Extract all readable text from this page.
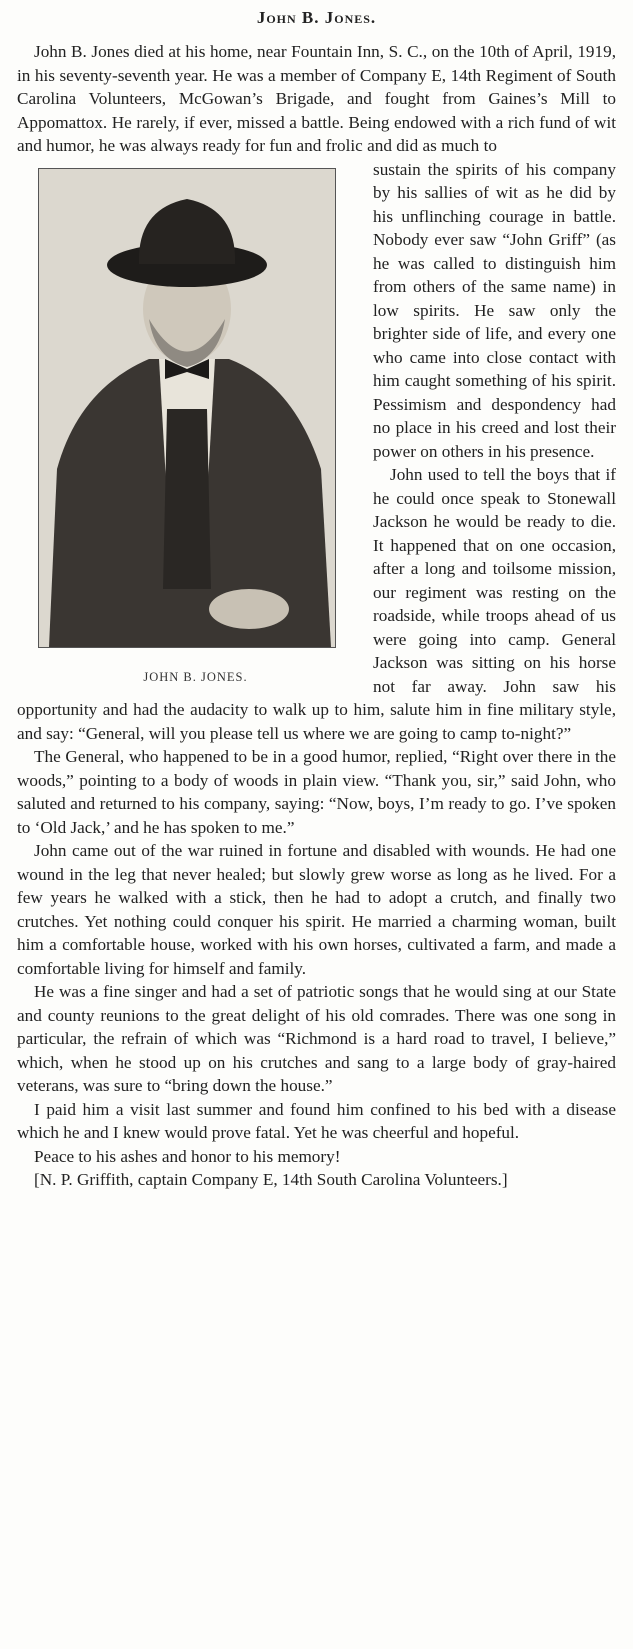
John B. Jones.

John B. Jones died at his home, near Fountain Inn, S. C., on the 10th of April, 1919, in his seventy-seventh year. He was a member of Company E, 14th Regiment of South Carolina Volunteers, McGowan’s Brigade, and fought from Gaines’s Mill to Appomattox. He rarely, if ever, missed a battle. Being endowed with a rich fund of wit and humor, he was always ready for fun and frolic and did as much to

JOHN B. JONES.

sustain the spirits of his company by his sallies of wit as he did by his unflinching courage in battle. Nobody ever saw “John Griff” (as he was called to distinguish him from others of the same name) in low spirits. He saw only the brighter side of life, and every one who came into close contact with him caught something of his spirit. Pessimism and despondency had no place in his creed and lost their power on others in his presence.

John used to tell the boys that if he could once speak to Stonewall Jackson he would be ready to die. It happened that on one occasion, after a long and toilsome mission, our regiment was resting on the roadside, while troops ahead of us were going into camp. General Jackson was sitting on his horse not far away. John saw his opportunity and had the audacity to walk up to him, salute him in fine military style, and say: “General, will you please tell us where we are going to camp to-night?”

The General, who happened to be in a good humor, replied, “Right over there in the woods,” pointing to a body of woods in plain view. “Thank you, sir,” said John, who saluted and returned to his company, saying: “Now, boys, I’m ready to go. I’ve spoken to ‘Old Jack,’ and he has spoken to me.”

John came out of the war ruined in fortune and disabled with wounds. He had one wound in the leg that never healed; but slowly grew worse as long as he lived. For a few years he walked with a stick, then he had to adopt a crutch, and finally two crutches. Yet nothing could conquer his spirit. He married a charming woman, built him a comfortable house, worked with his own horses, cultivated a farm, and made a comfortable living for himself and family.

He was a fine singer and had a set of patriotic songs that he would sing at our State and county reunions to the great delight of his old comrades. There was one song in particular, the refrain of which was “Richmond is a hard road to travel, I believe,” which, when he stood up on his crutches and sang to a large body of gray-haired veterans, was sure to “bring down the house.”

I paid him a visit last summer and found him confined to his bed with a disease which he and I knew would prove fatal. Yet he was cheerful and hopeful.

Peace to his ashes and honor to his memory!

[N. P. Griffith, captain Company E, 14th South Carolina Volunteers.]
